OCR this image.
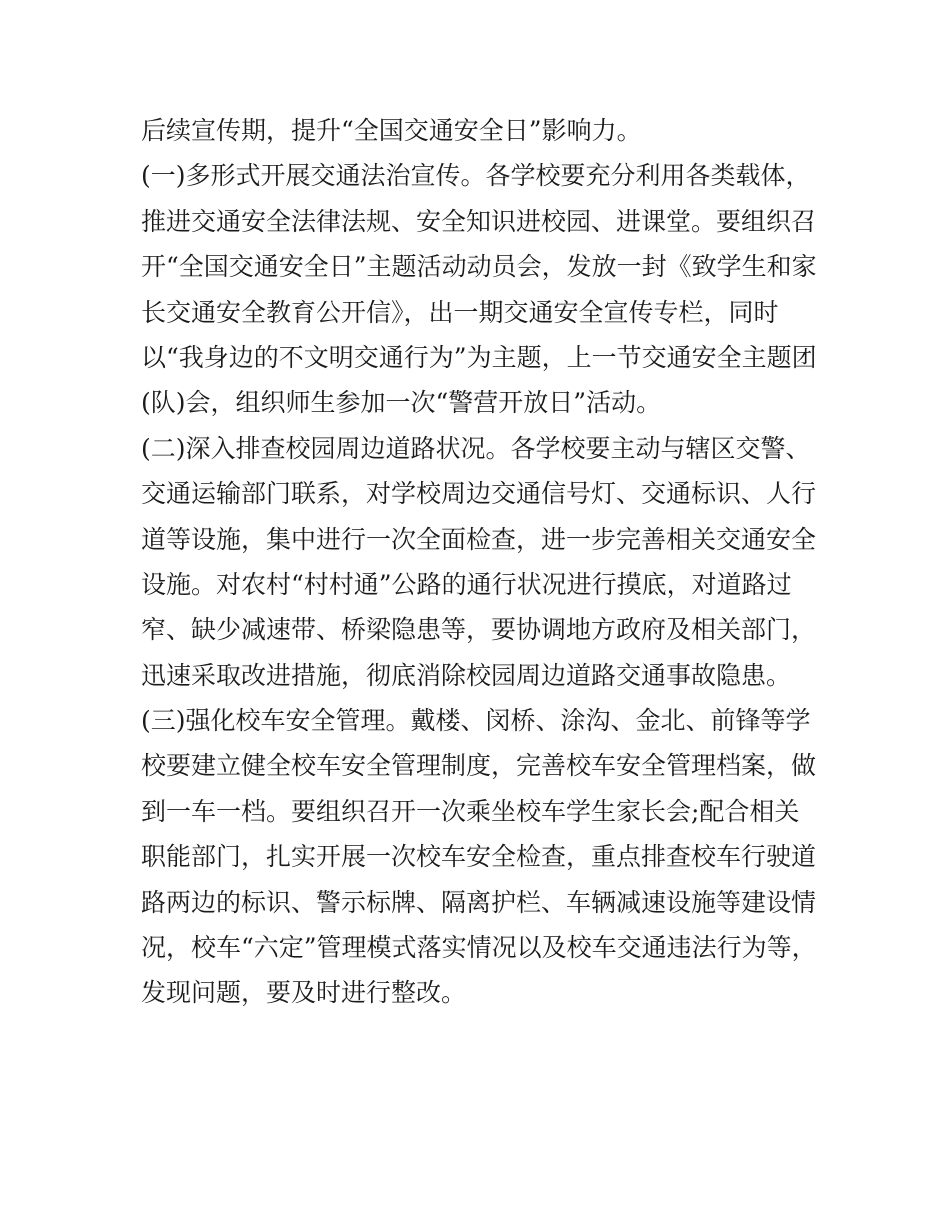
后续宣传期，提升“全国交通安全日”影响力。
(一)多形式开展交通法治宣传。各学校要充分利用各类载体，
推进交通安全法律法规、安全知识进校园、进课堂。要组织召
开“全国交通安全日”主题活动动员会，发放一封《致学生和家
长交通安全教育公开信》，出一期交通安全宣传专栏，同时
以“我身边的不文明交通行为”为主题，上一节交通安全主题团
(队)会，组织师生参加一次“警营开放日”活动。
(二)深入排查校园周边道路状况。各学校要主动与辖区交警、
交通运输部门联系，对学校周边交通信号灯、交通标识、人行
道等设施，集中进行一次全面检查，进一步完善相关交通安全
设施。对农村“村村通”公路的通行状况进行摸底，对道路过
窄、缺少减速带、桥梁隐患等，要协调地方政府及相关部门，
迅速采取改进措施，彻底消除校园周边道路交通事故隐患。
(三)强化校车安全管理。戴楼、闵桥、涂沟、金北、前锋等学
校要建立健全校车安全管理制度，完善校车安全管理档案，做
到一车一档。要组织召开一次乘坐校车学生家长会;配合相关
职能部门，扎实开展一次校车安全检查，重点排查校车行驶道
路两边的标识、警示标牌、隔离护栏、车辆减速设施等建设情
况，校车“六定”管理模式落实情况以及校车交通违法行为等，
发现问题，要及时进行整改。
